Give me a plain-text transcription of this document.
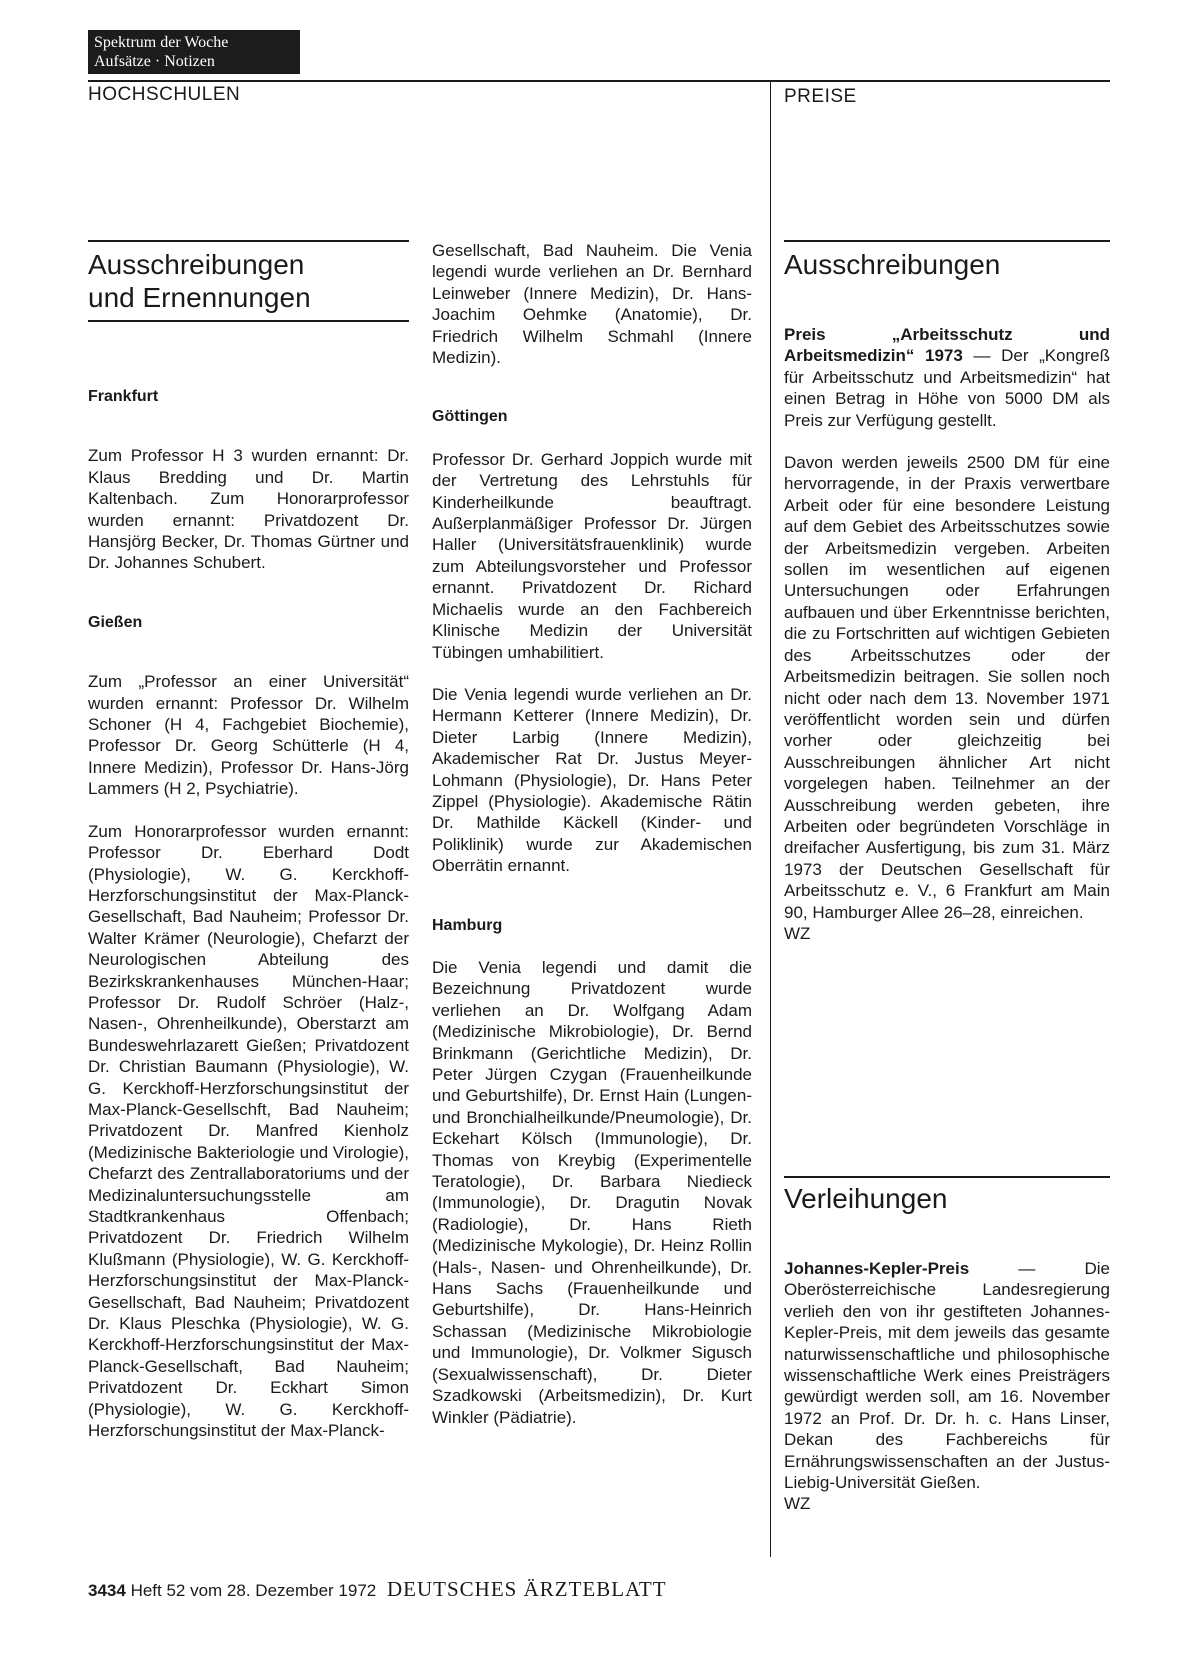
Spektrum der Woche
Aufsätze · Notizen
HOCHSCHULEN	PREISE
Ausschreibungen
und Ernennungen

Frankfurt

Zum Professor H 3 wurden ernannt: Dr. Klaus Bredding und Dr. Martin Kaltenbach. Zum Honorarprofessor wurden ernannt: Privatdozent Dr. Hansjörg Becker, Dr. Thomas Gürtner und Dr. Johannes Schubert.

Gießen

Zum „Professor an einer Universität“ wurden ernannt: Professor Dr. Wilhelm Schoner (H 4, Fachgebiet Biochemie), Professor Dr. Georg Schütterle (H 4, Innere Medizin), Professor Dr. Hans-Jörg Lammers (H 2, Psychiatrie).

Zum Honorarprofessor wurden ernannt: Professor Dr. Eberhard Dodt (Physiologie), W. G. Kerckhoff-Herzforschungsinstitut der Max-Planck-Gesellschaft, Bad Nauheim; Professor Dr. Walter Krämer (Neurologie), Chefarzt der Neurologischen Abteilung des Bezirkskrankenhauses München-Haar; Professor Dr. Rudolf Schröer (Halz-, Nasen-, Ohrenheilkunde), Oberstarzt am Bundeswehrlazarett Gießen; Privatdozent Dr. Christian Baumann (Physiologie), W. G. Kerckhoff-Herzforschungsinstitut der Max-Planck-Gesellschft, Bad Nauheim; Privatdozent Dr. Manfred Kienholz (Medizinische Bakteriologie und Virologie), Chefarzt des Zentrallaboratoriums und der Medizinaluntersuchungsstelle am Stadtkrankenhaus Offenbach; Privatdozent Dr. Friedrich Wilhelm Klußmann (Physiologie), W. G. Kerckhoff-Herzforschungsinstitut der Max-Planck-Gesellschaft, Bad Nauheim; Privatdozent Dr. Klaus Pleschka (Physiologie), W. G. Kerckhoff-Herzforschungsinstitut der Max-Planck-Gesellschaft, Bad Nauheim; Privatdozent Dr. Eckhart Simon (Physiologie), W. G. Kerckhoff-Herzforschungsinstitut der Max-Planck-

Gesellschaft, Bad Nauheim. Die Venia legendi wurde verliehen an Dr. Bernhard Leinweber (Innere Medizin), Dr. Hans-Joachim Oehmke (Anatomie), Dr. Friedrich Wilhelm Schmahl (Innere Medizin).

Göttingen

Professor Dr. Gerhard Joppich wurde mit der Vertretung des Lehrstuhls für Kinderheilkunde beauftragt. Außerplanmäßiger Professor Dr. Jürgen Haller (Universitätsfrauenklinik) wurde zum Abteilungsvorsteher und Professor ernannt. Privatdozent Dr. Richard Michaelis wurde an den Fachbereich Klinische Medizin der Universität Tübingen umhabilitiert.

Die Venia legendi wurde verliehen an Dr. Hermann Ketterer (Innere Medizin), Dr. Dieter Larbig (Innere Medizin), Akademischer Rat Dr. Justus Meyer-Lohmann (Physiologie), Dr. Hans Peter Zippel (Physiologie). Akademische Rätin Dr. Mathilde Käckell (Kinder- und Poliklinik) wurde zur Akademischen Oberrätin ernannt.

Hamburg

Die Venia legendi und damit die Bezeichnung Privatdozent wurde verliehen an Dr. Wolfgang Adam (Medizinische Mikrobiologie), Dr. Bernd Brinkmann (Gerichtliche Medizin), Dr. Peter Jürgen Czygan (Frauenheilkunde und Geburtshilfe), Dr. Ernst Hain (Lungen- und Bronchialheilkunde/Pneumologie), Dr. Eckehart Kölsch (Immunologie), Dr. Thomas von Kreybig (Experimentelle Teratologie), Dr. Barbara Niedieck (Immunologie), Dr. Dragutin Novak (Radiologie), Dr. Hans Rieth (Medizinische Mykologie), Dr. Heinz Rollin (Hals-, Nasen- und Ohrenheilkunde), Dr. Hans Sachs (Frauenheilkunde und Geburtshilfe), Dr. Hans-Heinrich Schassan (Medizinische Mikrobiologie und Immunologie), Dr. Volkmer Sigusch (Sexualwissenschaft), Dr. Dieter Szadkowski (Arbeitsmedizin), Dr. Kurt Winkler (Pädiatrie).

Ausschreibungen

Preis „Arbeitsschutz und Arbeitsmedizin“ 1973 — Der „Kongreß für Arbeitsschutz und Arbeitsmedizin“ hat einen Betrag in Höhe von 5000 DM als Preis zur Verfügung gestellt.

Davon werden jeweils 2500 DM für eine hervorragende, in der Praxis verwertbare Arbeit oder für eine besondere Leistung auf dem Gebiet des Arbeitsschutzes sowie der Arbeitsmedizin vergeben. Arbeiten sollen im wesentlichen auf eigenen Untersuchungen oder Erfahrungen aufbauen und über Erkenntnisse berichten, die zu Fortschritten auf wichtigen Gebieten des Arbeitsschutzes oder der Arbeitsmedizin beitragen. Sie sollen noch nicht oder nach dem 13. November 1971 veröffentlicht worden sein und dürfen vorher oder gleichzeitig bei Ausschreibungen ähnlicher Art nicht vorgelegen haben. Teilnehmer an der Ausschreibung werden gebeten, ihre Arbeiten oder begründeten Vorschläge in dreifacher Ausfertigung, bis zum 31. März 1973 der Deutschen Gesellschaft für Arbeitsschutz e. V., 6 Frankfurt am Main 90, Hamburger Allee 26–28, einreichen.

WZ

Verleihungen

Johannes-Kepler-Preis — Die Oberösterreichische Landesregierung verlieh den von ihr gestifteten Johannes-Kepler-Preis, mit dem jeweils das gesamte naturwissenschaftliche und philosophische wissenschaftliche Werk eines Preisträgers gewürdigt werden soll, am 16. November 1972 an Prof. Dr. Dr. h. c. Hans Linser, Dekan des Fachbereichs für Ernährungswissenschaften an der Justus-Liebig-Universität Gießen.

WZ

3434 Heft 52 vom 28. Dezember 1972 DEUTSCHES ÄRZTEBLATT
